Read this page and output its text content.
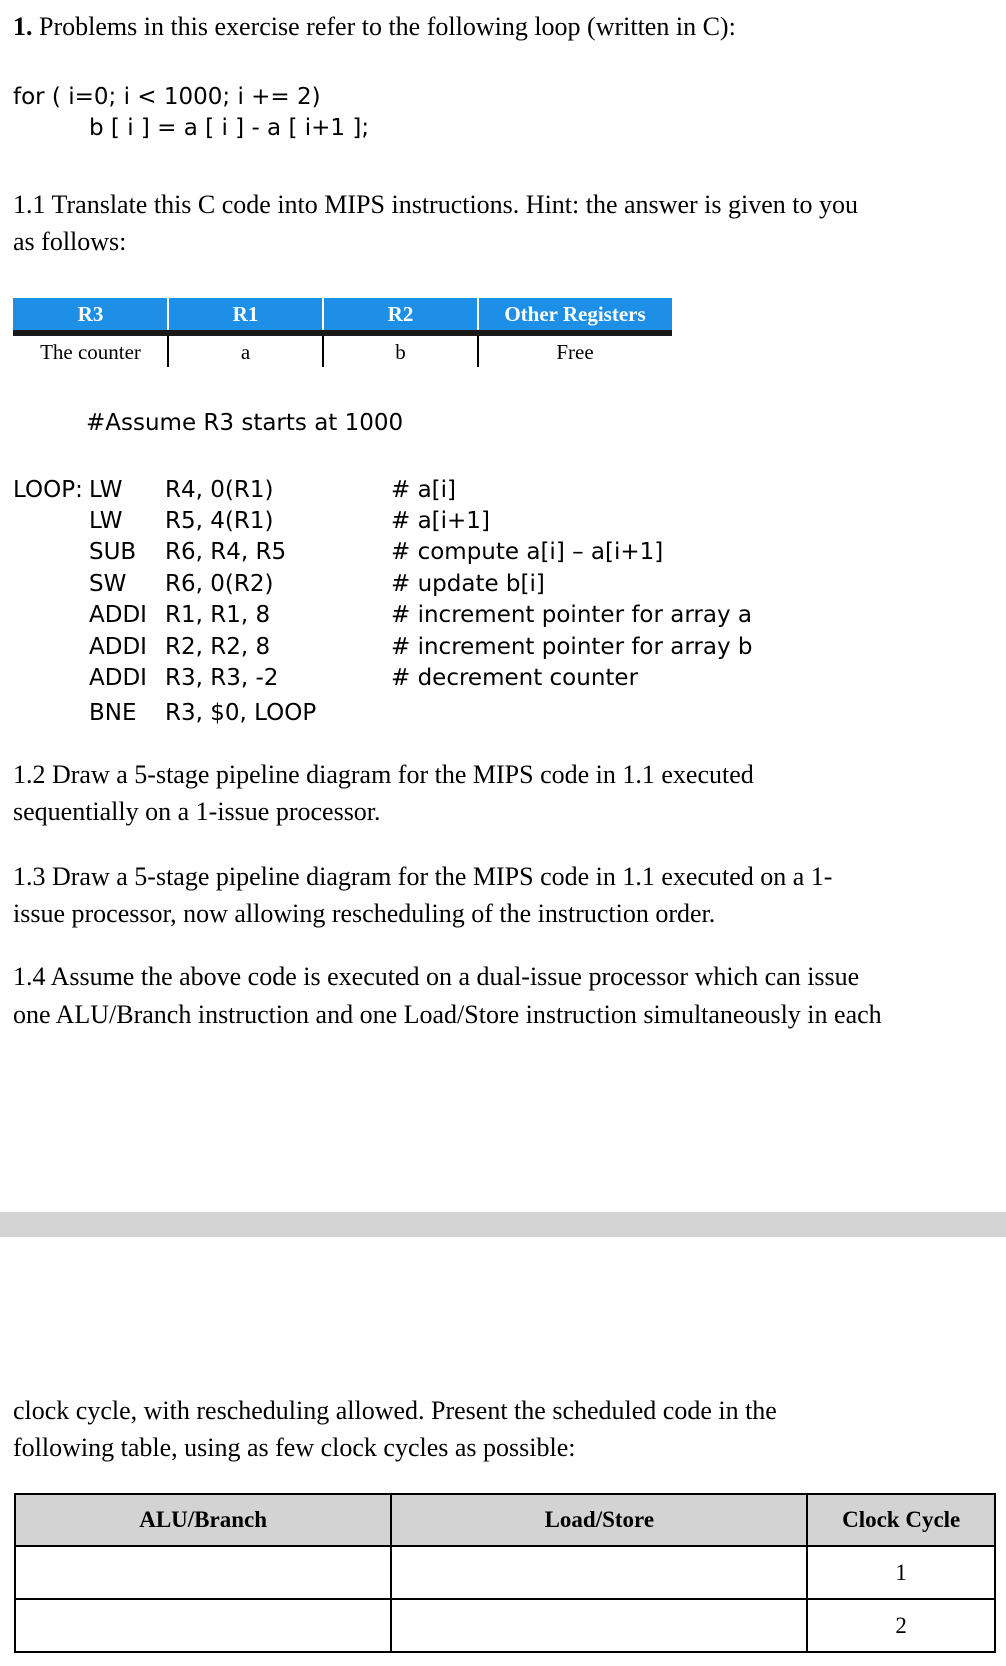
1. Problems in this exercise refer to the following loop (written in C):
for ( i=0; i < 1000; i += 2)
b [ i ] = a [ i ] - a [ i+1 ];
1.1 Translate this C code into MIPS instructions. Hint: the answer is given to you
as follows:
R3	R1	R2	Other Registers
The counter	a	b	Free
#Assume R3 starts at 1000
LOOP: LW R4, 0(R1)	# a[i]
LW R5, 4(R1)	# a[i+1]
SUB R6, R4, R5	# compute a[i] – a[i+1]
SW R6, 0(R2)	# update b[i]
ADDI R1, R1, 8	# increment pointer for array a
ADDI R2, R2, 8	# increment pointer for array b
ADDI R3, R3, -2	# decrement counter
BNE R3, $0, LOOP
1.2 Draw a 5-stage pipeline diagram for the MIPS code in 1.1 executed
sequentially on a 1-issue processor.
1.3 Draw a 5-stage pipeline diagram for the MIPS code in 1.1 executed on a 1-
issue processor, now allowing rescheduling of the instruction order.
1.4 Assume the above code is executed on a dual-issue processor which can issue
one ALU/Branch instruction and one Load/Store instruction simultaneously in each
clock cycle, with rescheduling allowed. Present the scheduled code in the
following table, using as few clock cycles as possible:
ALU/Branch	Load/Store	Clock Cycle
		1
		2
